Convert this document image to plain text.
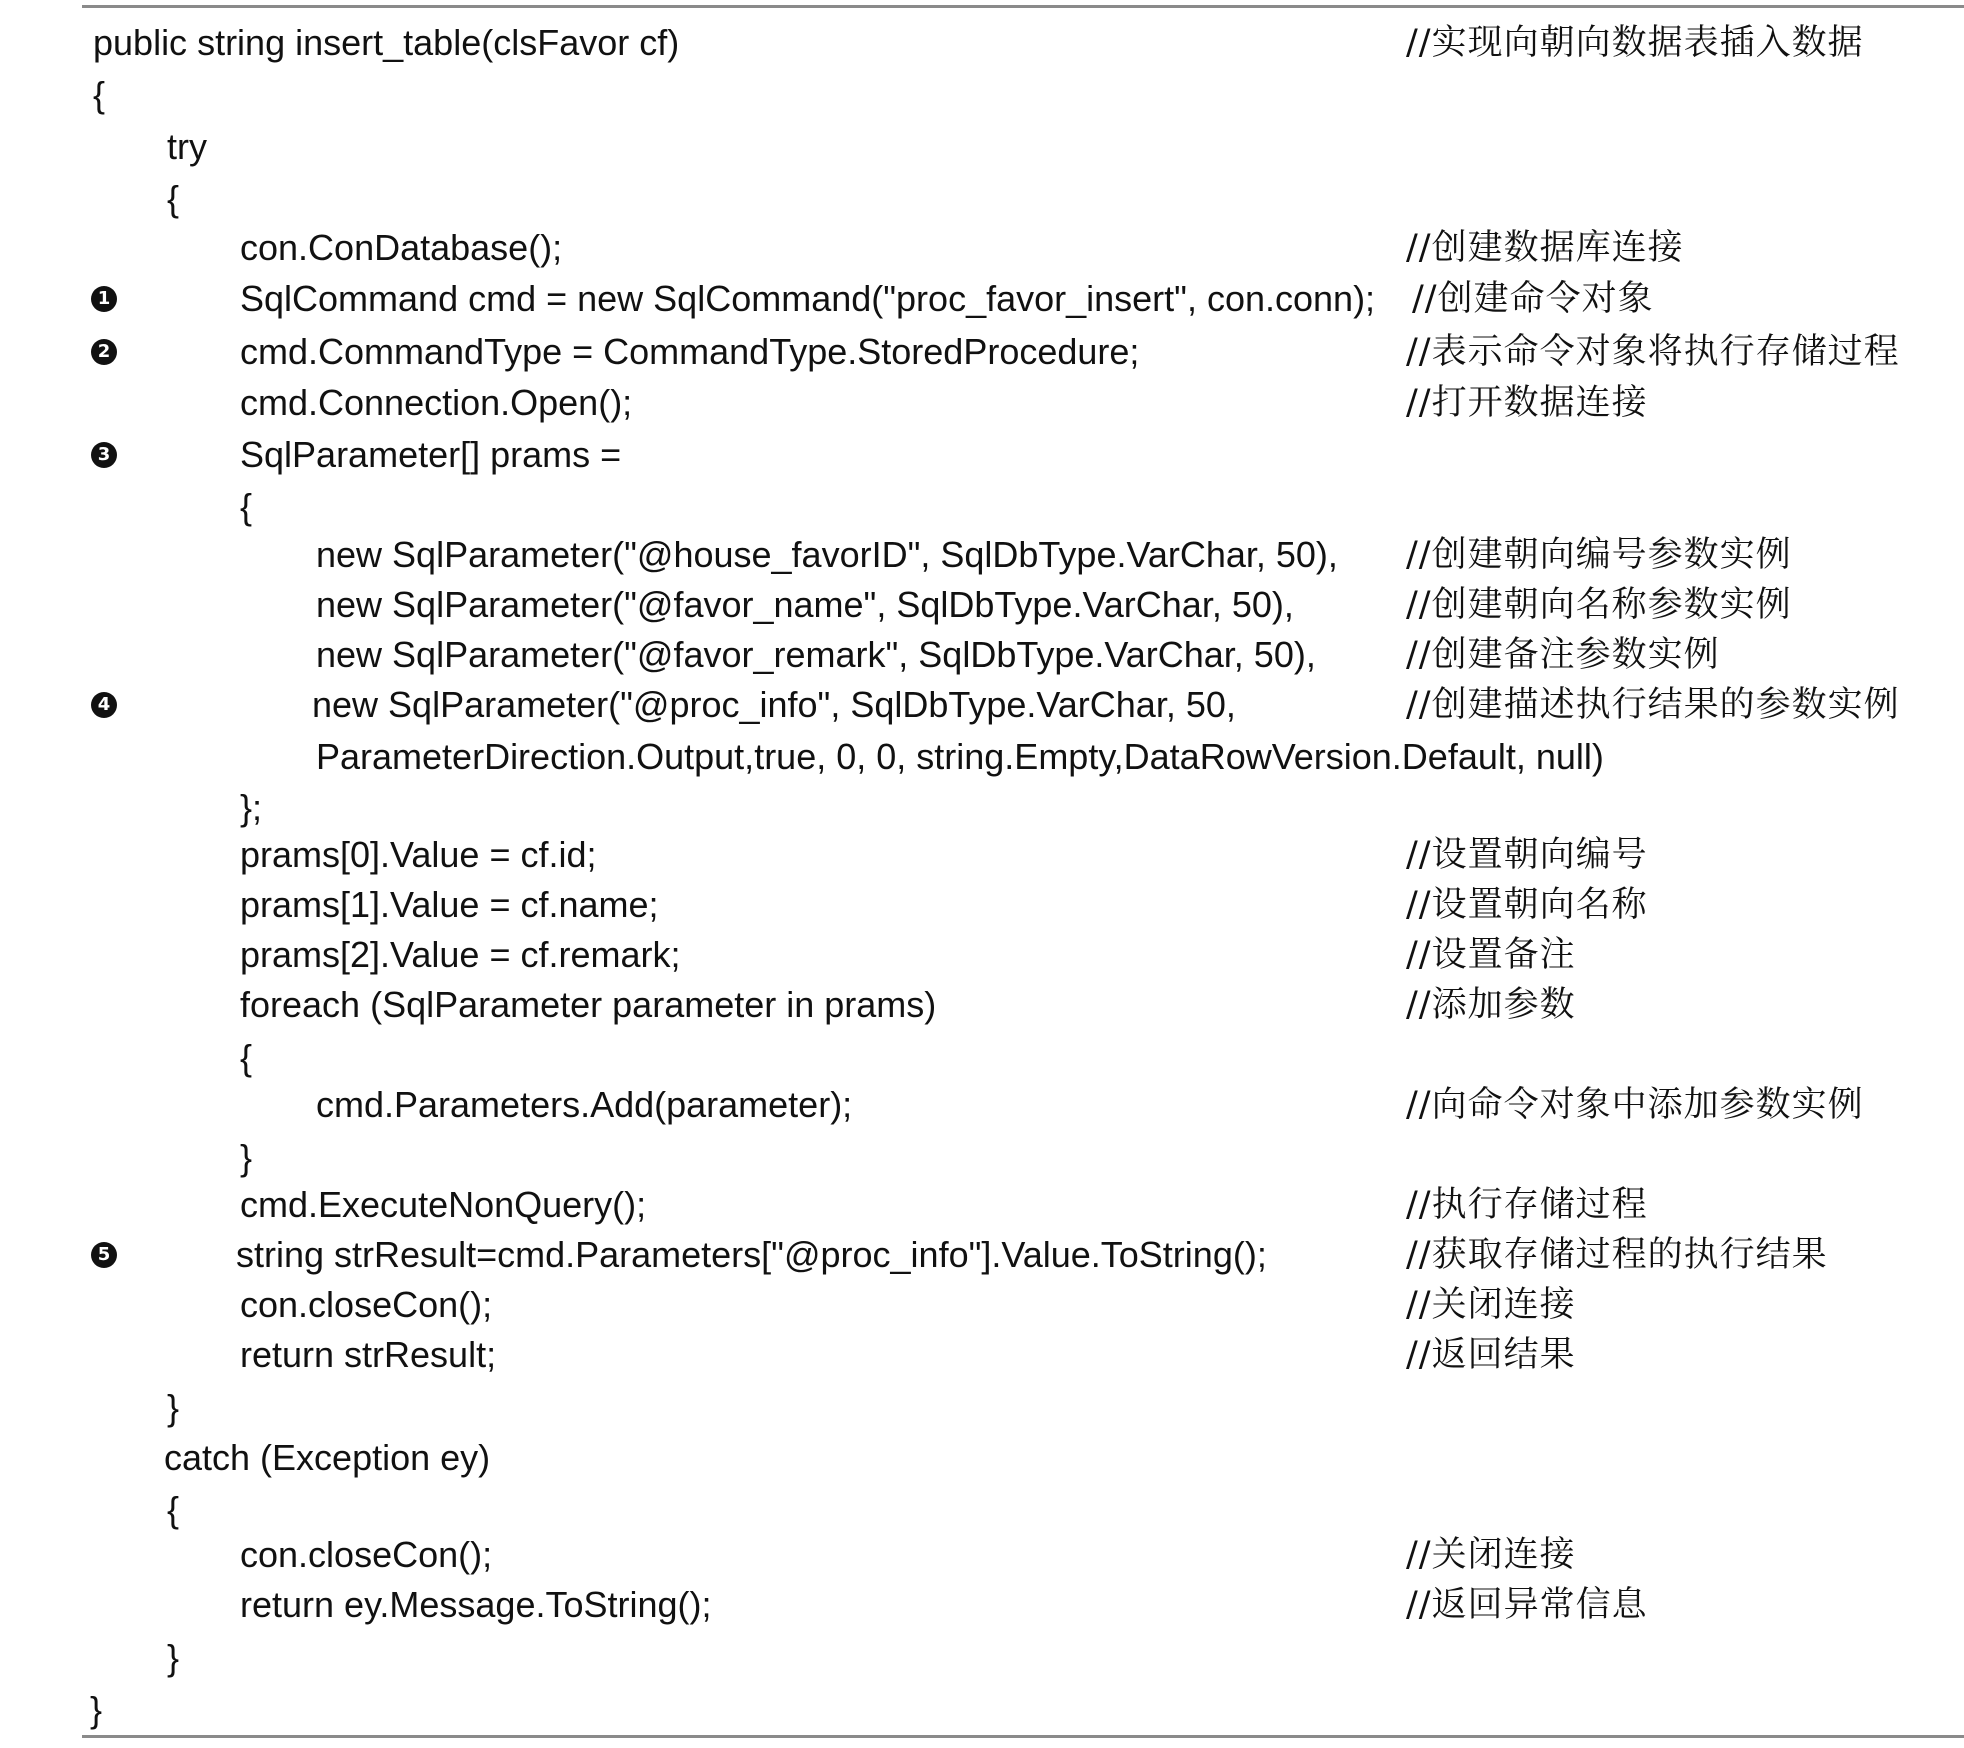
public string insert_table(clsFavor cf)	//实现向朝向数据表插入数据
{
try
{
con.ConDatabase();	//创建数据库连接
1	SqlCommand cmd = new SqlCommand("proc_favor_insert", con.conn); //创建命令对象
2	cmd.CommandType = CommandType.StoredProcedure;	//表示命令对象将执行存储过程
cmd.Connection.Open();	//打开数据连接
3	SqlParameter[] prams =
{
new SqlParameter("@house_favorID", SqlDbType.VarChar, 50), //创建朝向编号参数实例
new SqlParameter("@favor_name", SqlDbType.VarChar, 50),	//创建朝向名称参数实例
new SqlParameter("@favor_remark", SqlDbType.VarChar, 50),	//创建备注参数实例
4	new SqlParameter("@proc_info", SqlDbType.VarChar, 50,	//创建描述执行结果的参数实例
ParameterDirection.Output,true, 0, 0, string.Empty,DataRowVersion.Default, null)
};
prams[0].Value = cf.id;	//设置朝向编号
prams[1].Value = cf.name;	//设置朝向名称
prams[2].Value = cf.remark;	//设置备注
foreach (SqlParameter parameter in prams)	//添加参数
{
cmd.Parameters.Add(parameter);	//向命令对象中添加参数实例
}
cmd.ExecuteNonQuery();	//执行存储过程
5	string strResult=cmd.Parameters["@proc_info"].Value.ToString();	//获取存储过程的执行结果
con.closeCon();	//关闭连接
return strResult;	//返回结果
}
catch (Exception ey)
{
con.closeCon();	//关闭连接
return ey.Message.ToString();	//返回异常信息
}
}
